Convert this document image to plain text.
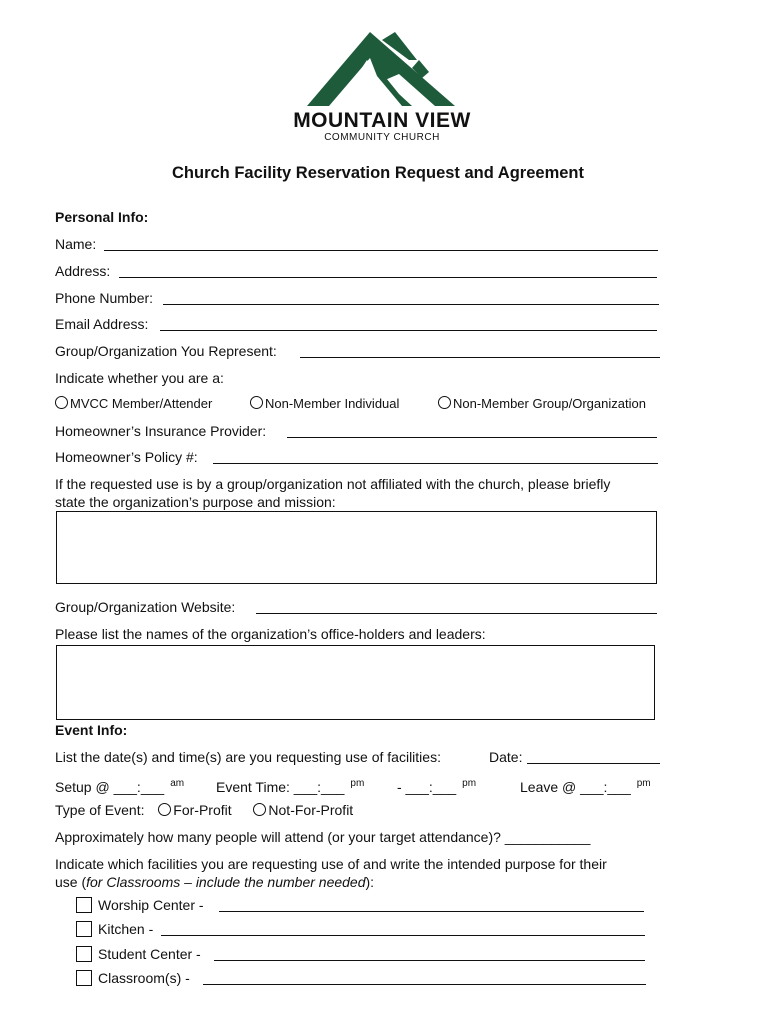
MOUNTAIN VIEW
COMMUNITY CHURCH
Church Facility Reservation Request and Agreement
Personal Info:
Name:
Address:
Phone Number:
Email Address:
Group/Organization You Represent:
Indicate whether you are a:
MVCC Member/Attender	Non-Member Individual	Non-Member Group/Organization
Homeowner’s Insurance Provider:
Homeowner’s Policy #:
If the requested use is by a group/organization not affiliated with the church, please briefly
state the organization’s purpose and mission:
Group/Organization Website:
Please list the names of the organization’s office-holders and leaders:
Event Info:
List the date(s) and time(s) are you requesting use of facilities:	Date:
Setup @ ___:___ $^{am}$ Event Time: ___:___ $^{pm}$ - ___:___ $^{pm}$	Leave @ ___:___ $^{pm}$
Type of Event: For-Profit	Not-For-Profit
Approximately how many people will attend (or your target attendance)? ___________
Indicate which facilities you are requesting use of and write the intended purpose for their
use (for Classrooms – include the number needed):
Worship Center -
Kitchen -
Student Center -
Classroom(s) -
